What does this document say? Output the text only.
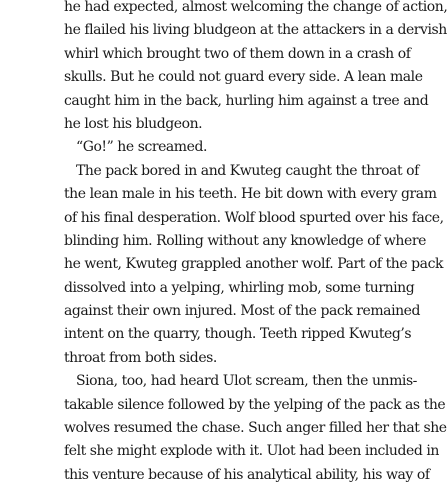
he had expected, almost welcoming the change of action,
he flailed his living bludgeon at the attackers in a dervish
whirl which brought two of them down in a crash of
skulls. But he could not guard every side. A lean male
caught him in the back, hurling him against a tree and
he lost his bludgeon.
“Go!” he screamed.
The pack bored in and Kwuteg caught the throat of
the lean male in his teeth. He bit down with every gram
of his final desperation. Wolf blood spurted over his face,
blinding him. Rolling without any knowledge of where
he went, Kwuteg grappled another wolf. Part of the pack
dissolved into a yelping, whirling mob, some turning
against their own injured. Most of the pack remained
intent on the quarry, though. Teeth ripped Kwuteg’s
throat from both sides.
Siona, too, had heard Ulot scream, then the unmis-
takable silence followed by the yelping of the pack as the
wolves resumed the chase. Such anger filled her that she
felt she might explode with it. Ulot had been included in
this venture because of his analytical ability, his way of
